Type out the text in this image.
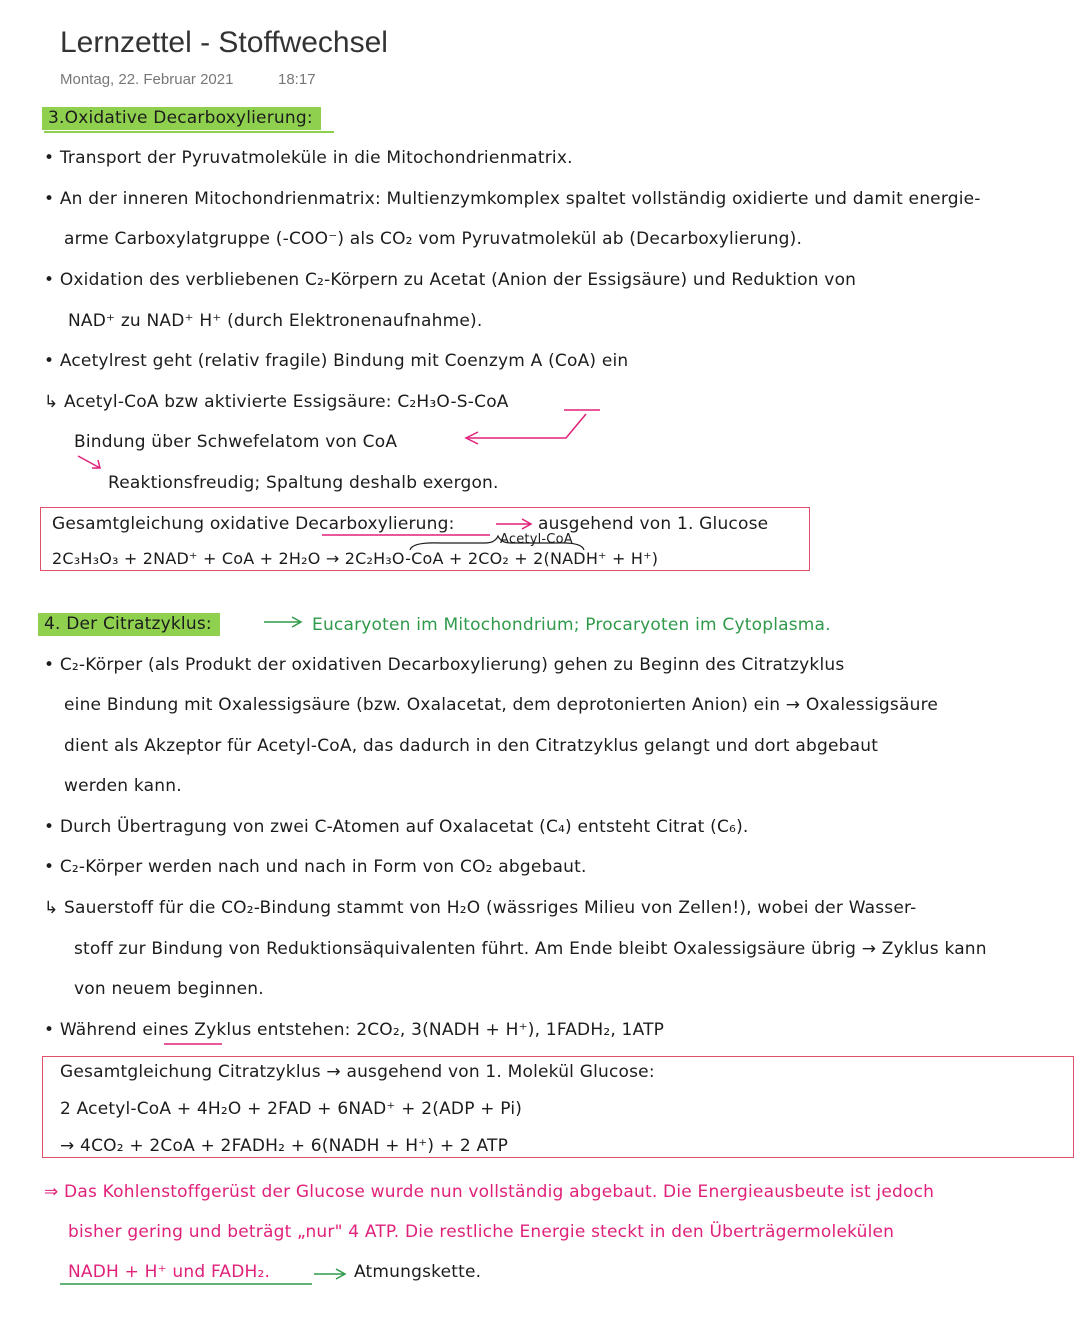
Lernzettel - Stoffwechsel
Montag, 22. Februar 2021	18:17
3.Oxidative Decarboxylierung:
• Transport der Pyruvatmoleküle in die Mitochondrienmatrix.
• An der inneren Mitochondrienmatrix: Multienzymkomplex spaltet vollständig oxidierte und damit energie-
arme Carboxylatgruppe (-COO⁻) als CO₂ vom Pyruvatmolekül ab (Decarboxylierung).
• Oxidation des verbliebenen C₂-Körpern zu Acetat (Anion der Essigsäure) und Reduktion von
NAD⁺ zu NAD⁺ H⁺ (durch Elektronenaufnahme).
• Acetylrest geht (relativ fragile) Bindung mit Coenzym A (CoA) ein
↳ Acetyl-CoA bzw aktivierte Essigsäure: C₂H₃O-S-CoA
Bindung über Schwefelatom von CoA
Reaktionsfreudig; Spaltung deshalb exergon.
Gesamtgleichung oxidative Decarboxylierung:	ausgehend von 1. Glucose
Acetyl-CoA
2C₃H₃O₃ + 2NAD⁺ + CoA + 2H₂O → 2C₂H₃O-CoA + 2CO₂ + 2(NADH⁺ + H⁺)
4. Der Citratzyklus:	Eucaryoten im Mitochondrium; Procaryoten im Cytoplasma.
• C₂-Körper (als Produkt der oxidativen Decarboxylierung) gehen zu Beginn des Citratzyklus
eine Bindung mit Oxalessigsäure (bzw. Oxalacetat, dem deprotonierten Anion) ein → Oxalessigsäure
dient als Akzeptor für Acetyl-CoA, das dadurch in den Citratzyklus gelangt und dort abgebaut
werden kann.
• Durch Übertragung von zwei C-Atomen auf Oxalacetat (C₄) entsteht Citrat (C₆).
• C₂-Körper werden nach und nach in Form von CO₂ abgebaut.
↳ Sauerstoff für die CO₂-Bindung stammt von H₂O (wässriges Milieu von Zellen!), wobei der Wasser-
stoff zur Bindung von Reduktionsäquivalenten führt. Am Ende bleibt Oxalessigsäure übrig → Zyklus kann
von neuem beginnen.
• Während eines Zyklus entstehen: 2CO₂, 3(NADH + H⁺), 1FADH₂, 1ATP
Gesamtgleichung Citratzyklus → ausgehend von 1. Molekül Glucose:
2 Acetyl-CoA + 4H₂O + 2FAD + 6NAD⁺ + 2(ADP + Pi)
→ 4CO₂ + 2CoA + 2FADH₂ + 6(NADH + H⁺) + 2 ATP
⇒ Das Kohlenstoffgerüst der Glucose wurde nun vollständig abgebaut. Die Energieausbeute ist jedoch
bisher gering und beträgt „nur" 4 ATP. Die restliche Energie steckt in den Überträgermolekülen
NADH + H⁺ und FADH₂.	Atmungskette.
